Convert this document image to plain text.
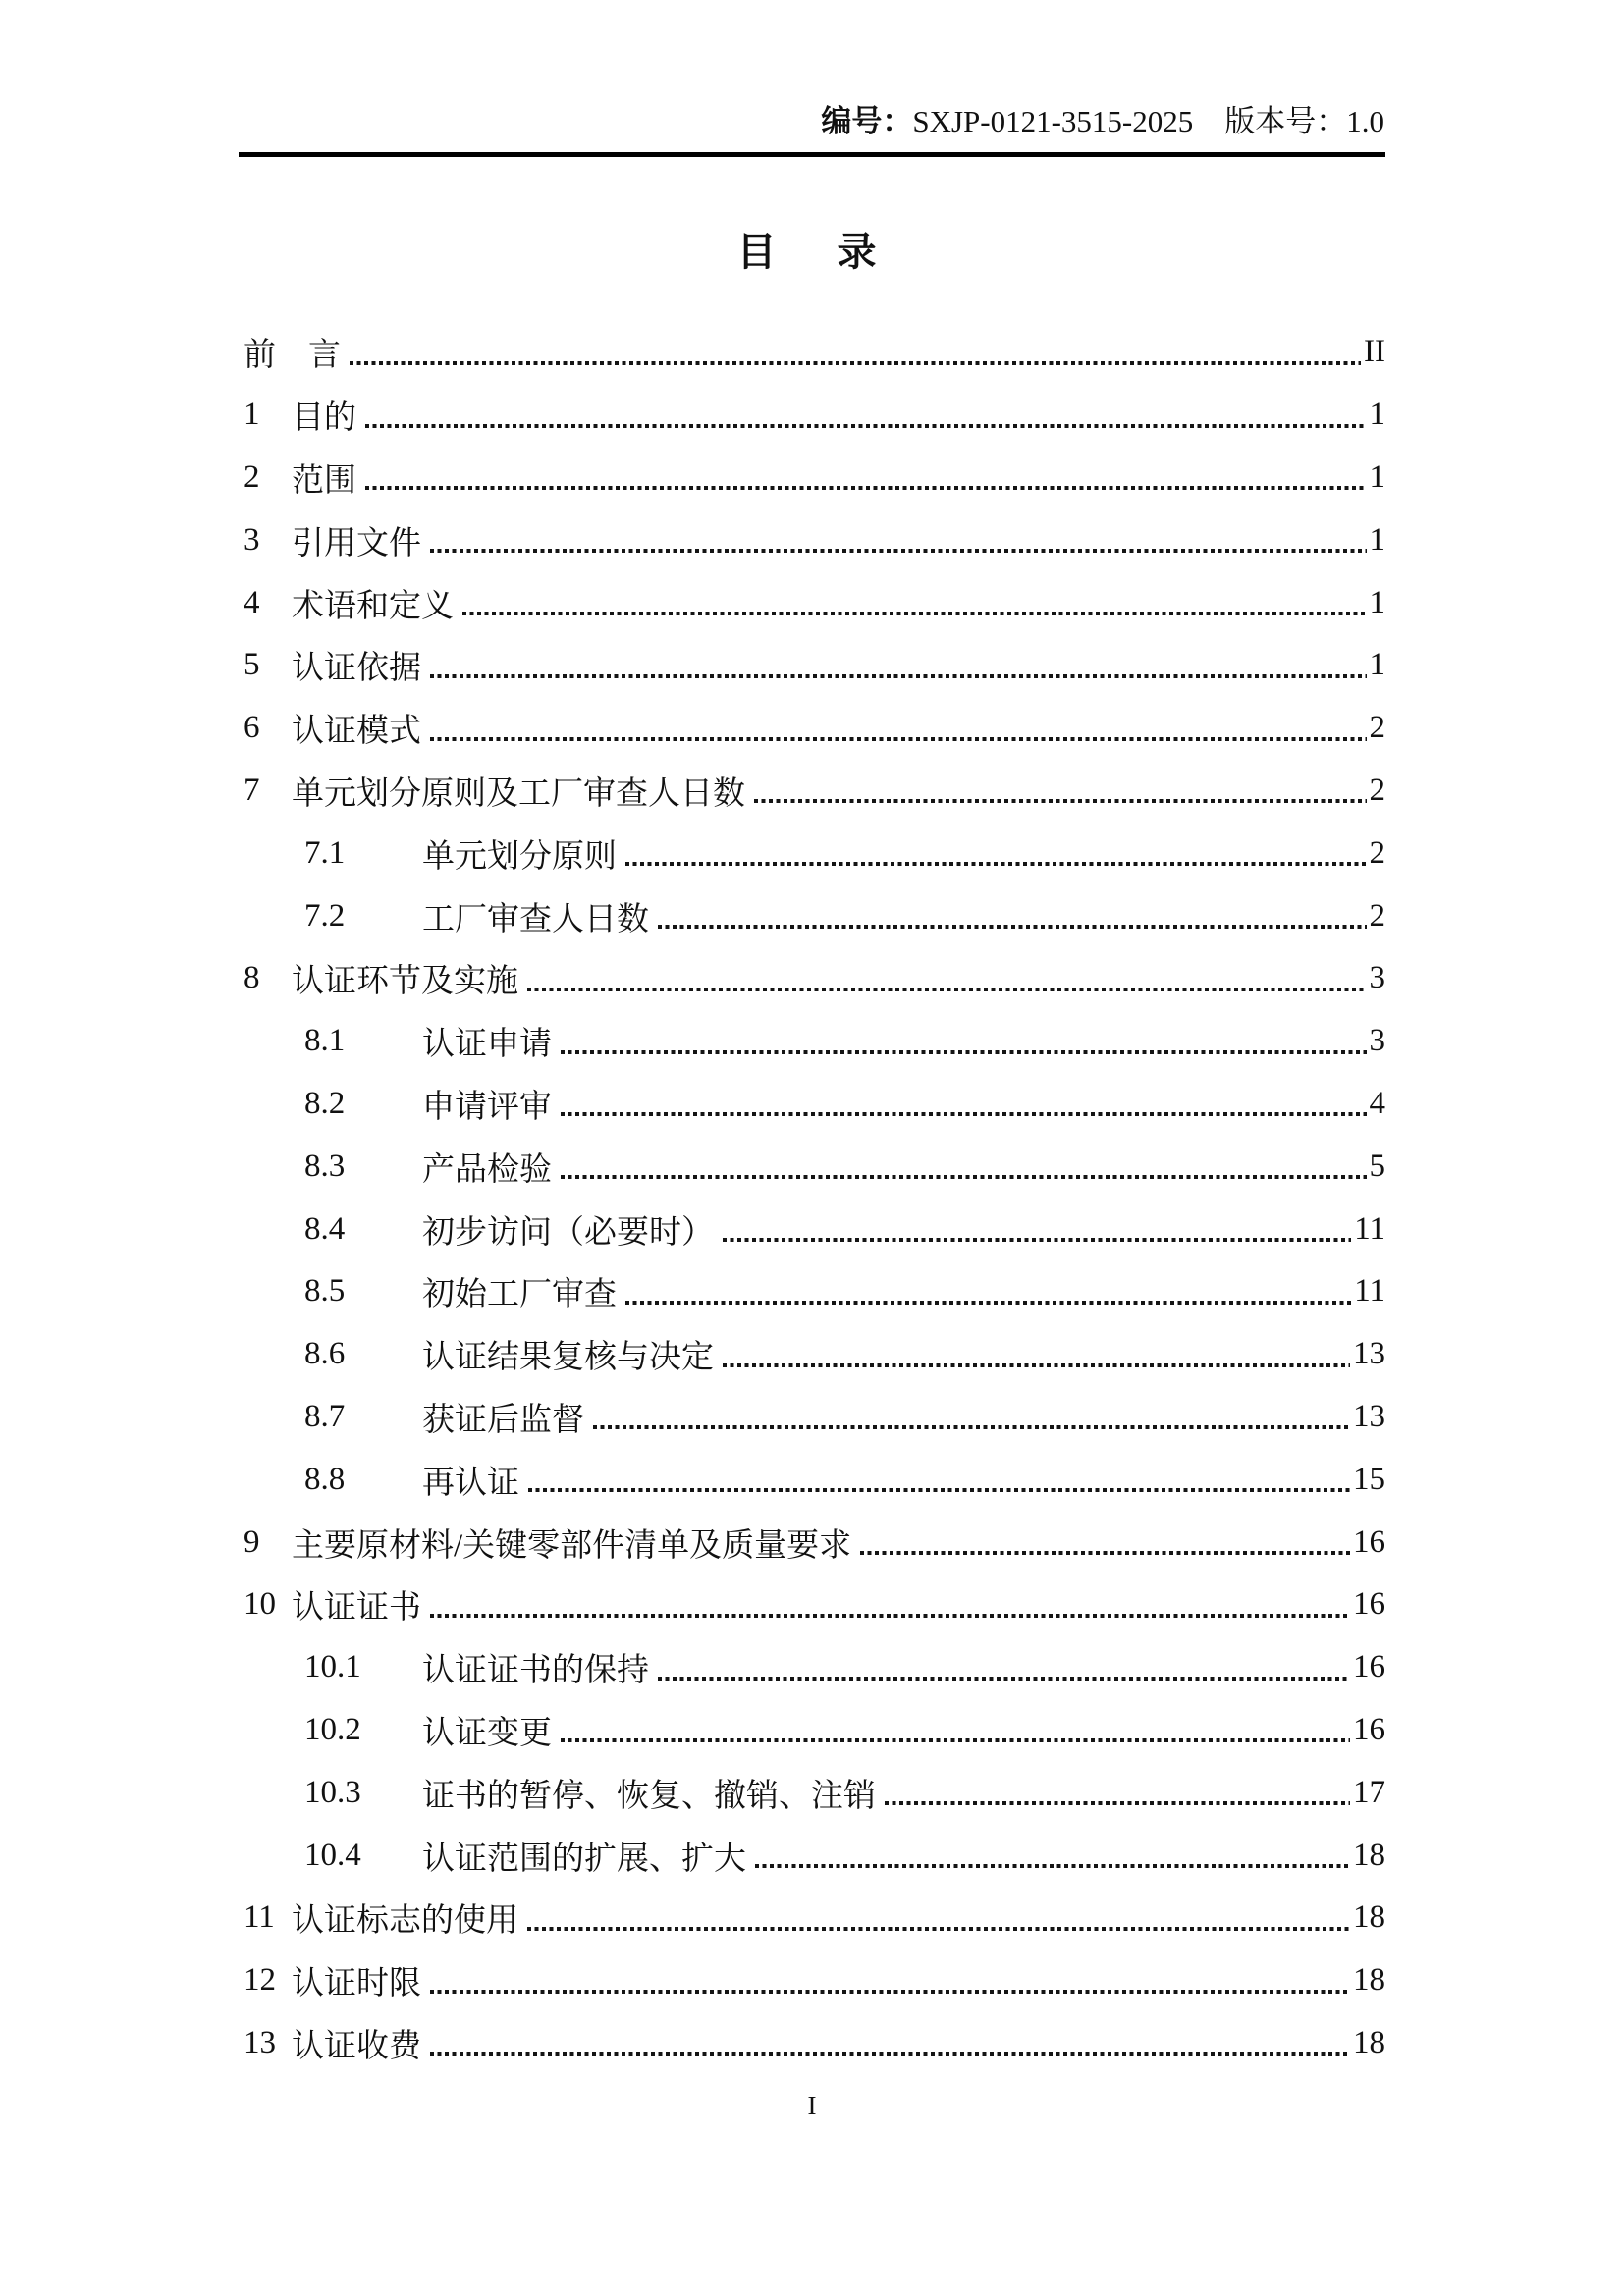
编号：SXJP-0121-3515-2025 版本号：1.0
目　录
前　言	II
1 目的	1
2 范围	1
3 引用文件	1
4 术语和定义	1
5 认证依据	1
6 认证模式	2
7 单元划分原则及工厂审查人日数	2
7.1	单元划分原则	2
7.2	工厂审查人日数	2
8 认证环节及实施	3
8.1	认证申请	3
8.2	申请评审	4
8.3	产品检验	5
8.4	初步访问（必要时）	11
8.5	初始工厂审查	11
8.6	认证结果复核与决定	13
8.7	获证后监督	13
8.8	再认证	15
9 主要原材料/关键零部件清单及质量要求	16
10 认证证书	16
10.1	认证证书的保持	16
10.2	认证变更	16
10.3	证书的暂停、恢复、撤销、注销	17
10.4	认证范围的扩展、扩大	18
11 认证标志的使用	18
12 认证时限	18
13 认证收费	18
I
